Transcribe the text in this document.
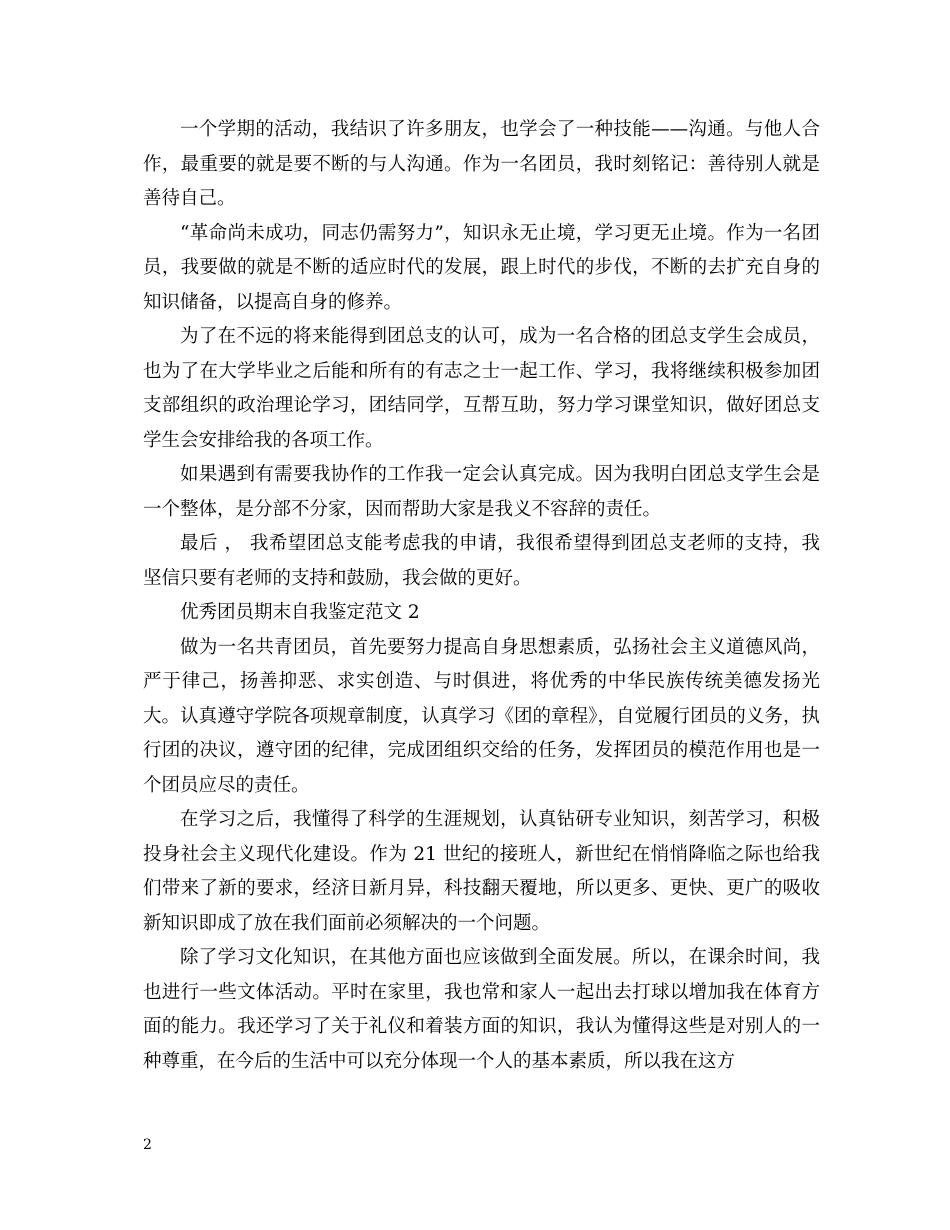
一个学期的活动，我结识了许多朋友，也学会了一种技能——沟通。与他人合作，最重要的就是要不断的与人沟通。作为一名团员，我时刻铭记：善待别人就是善待自己。

“革命尚未成功，同志仍需努力”，知识永无止境，学习更无止境。作为一名团员，我要做的就是不断的适应时代的发展，跟上时代的步伐，不断的去扩充自身的知识储备，以提高自身的修养。

为了在不远的将来能得到团总支的认可，成为一名合格的团总支学生会成员，也为了在大学毕业之后能和所有的有志之士一起工作、学习，我将继续积极参加团支部组织的政治理论学习，团结同学，互帮互助，努力学习课堂知识，做好团总支学生会安排给我的各项工作。

如果遇到有需要我协作的工作我一定会认真完成。因为我明白团总支学生会是一个整体，是分部不分家，因而帮助大家是我义不容辞的责任。

最后 ， 我希望团总支能考虑我的申请，我很希望得到团总支老师的支持，我坚信只要有老师的支持和鼓励，我会做的更好。

优秀团员期末自我鉴定范文 2

做为一名共青团员，首先要努力提高自身思想素质，弘扬社会主义道德风尚，严于律己，扬善抑恶、求实创造、与时俱进，将优秀的中华民族传统美德发扬光大。认真遵守学院各项规章制度，认真学习《团的章程》，自觉履行团员的义务，执行团的决议，遵守团的纪律，完成团组织交给的任务，发挥团员的模范作用也是一个团员应尽的责任。

在学习之后，我懂得了科学的生涯规划，认真钻研专业知识，刻苦学习，积极投身社会主义现代化建设。作为 21 世纪的接班人，新世纪在悄悄降临之际也给我们带来了新的要求，经济日新月异，科技翻天覆地，所以更多、更快、更广的吸收新知识即成了放在我们面前必须解决的一个问题。

除了学习文化知识，在其他方面也应该做到全面发展。所以，在课余时间，我也进行一些文体活动。平时在家里，我也常和家人一起出去打球以增加我在体育方面的能力。我还学习了关于礼仪和着装方面的知识，我认为懂得这些是对别人的一种尊重，在今后的生活中可以充分体现一个人的基本素质，所以我在这方

2
